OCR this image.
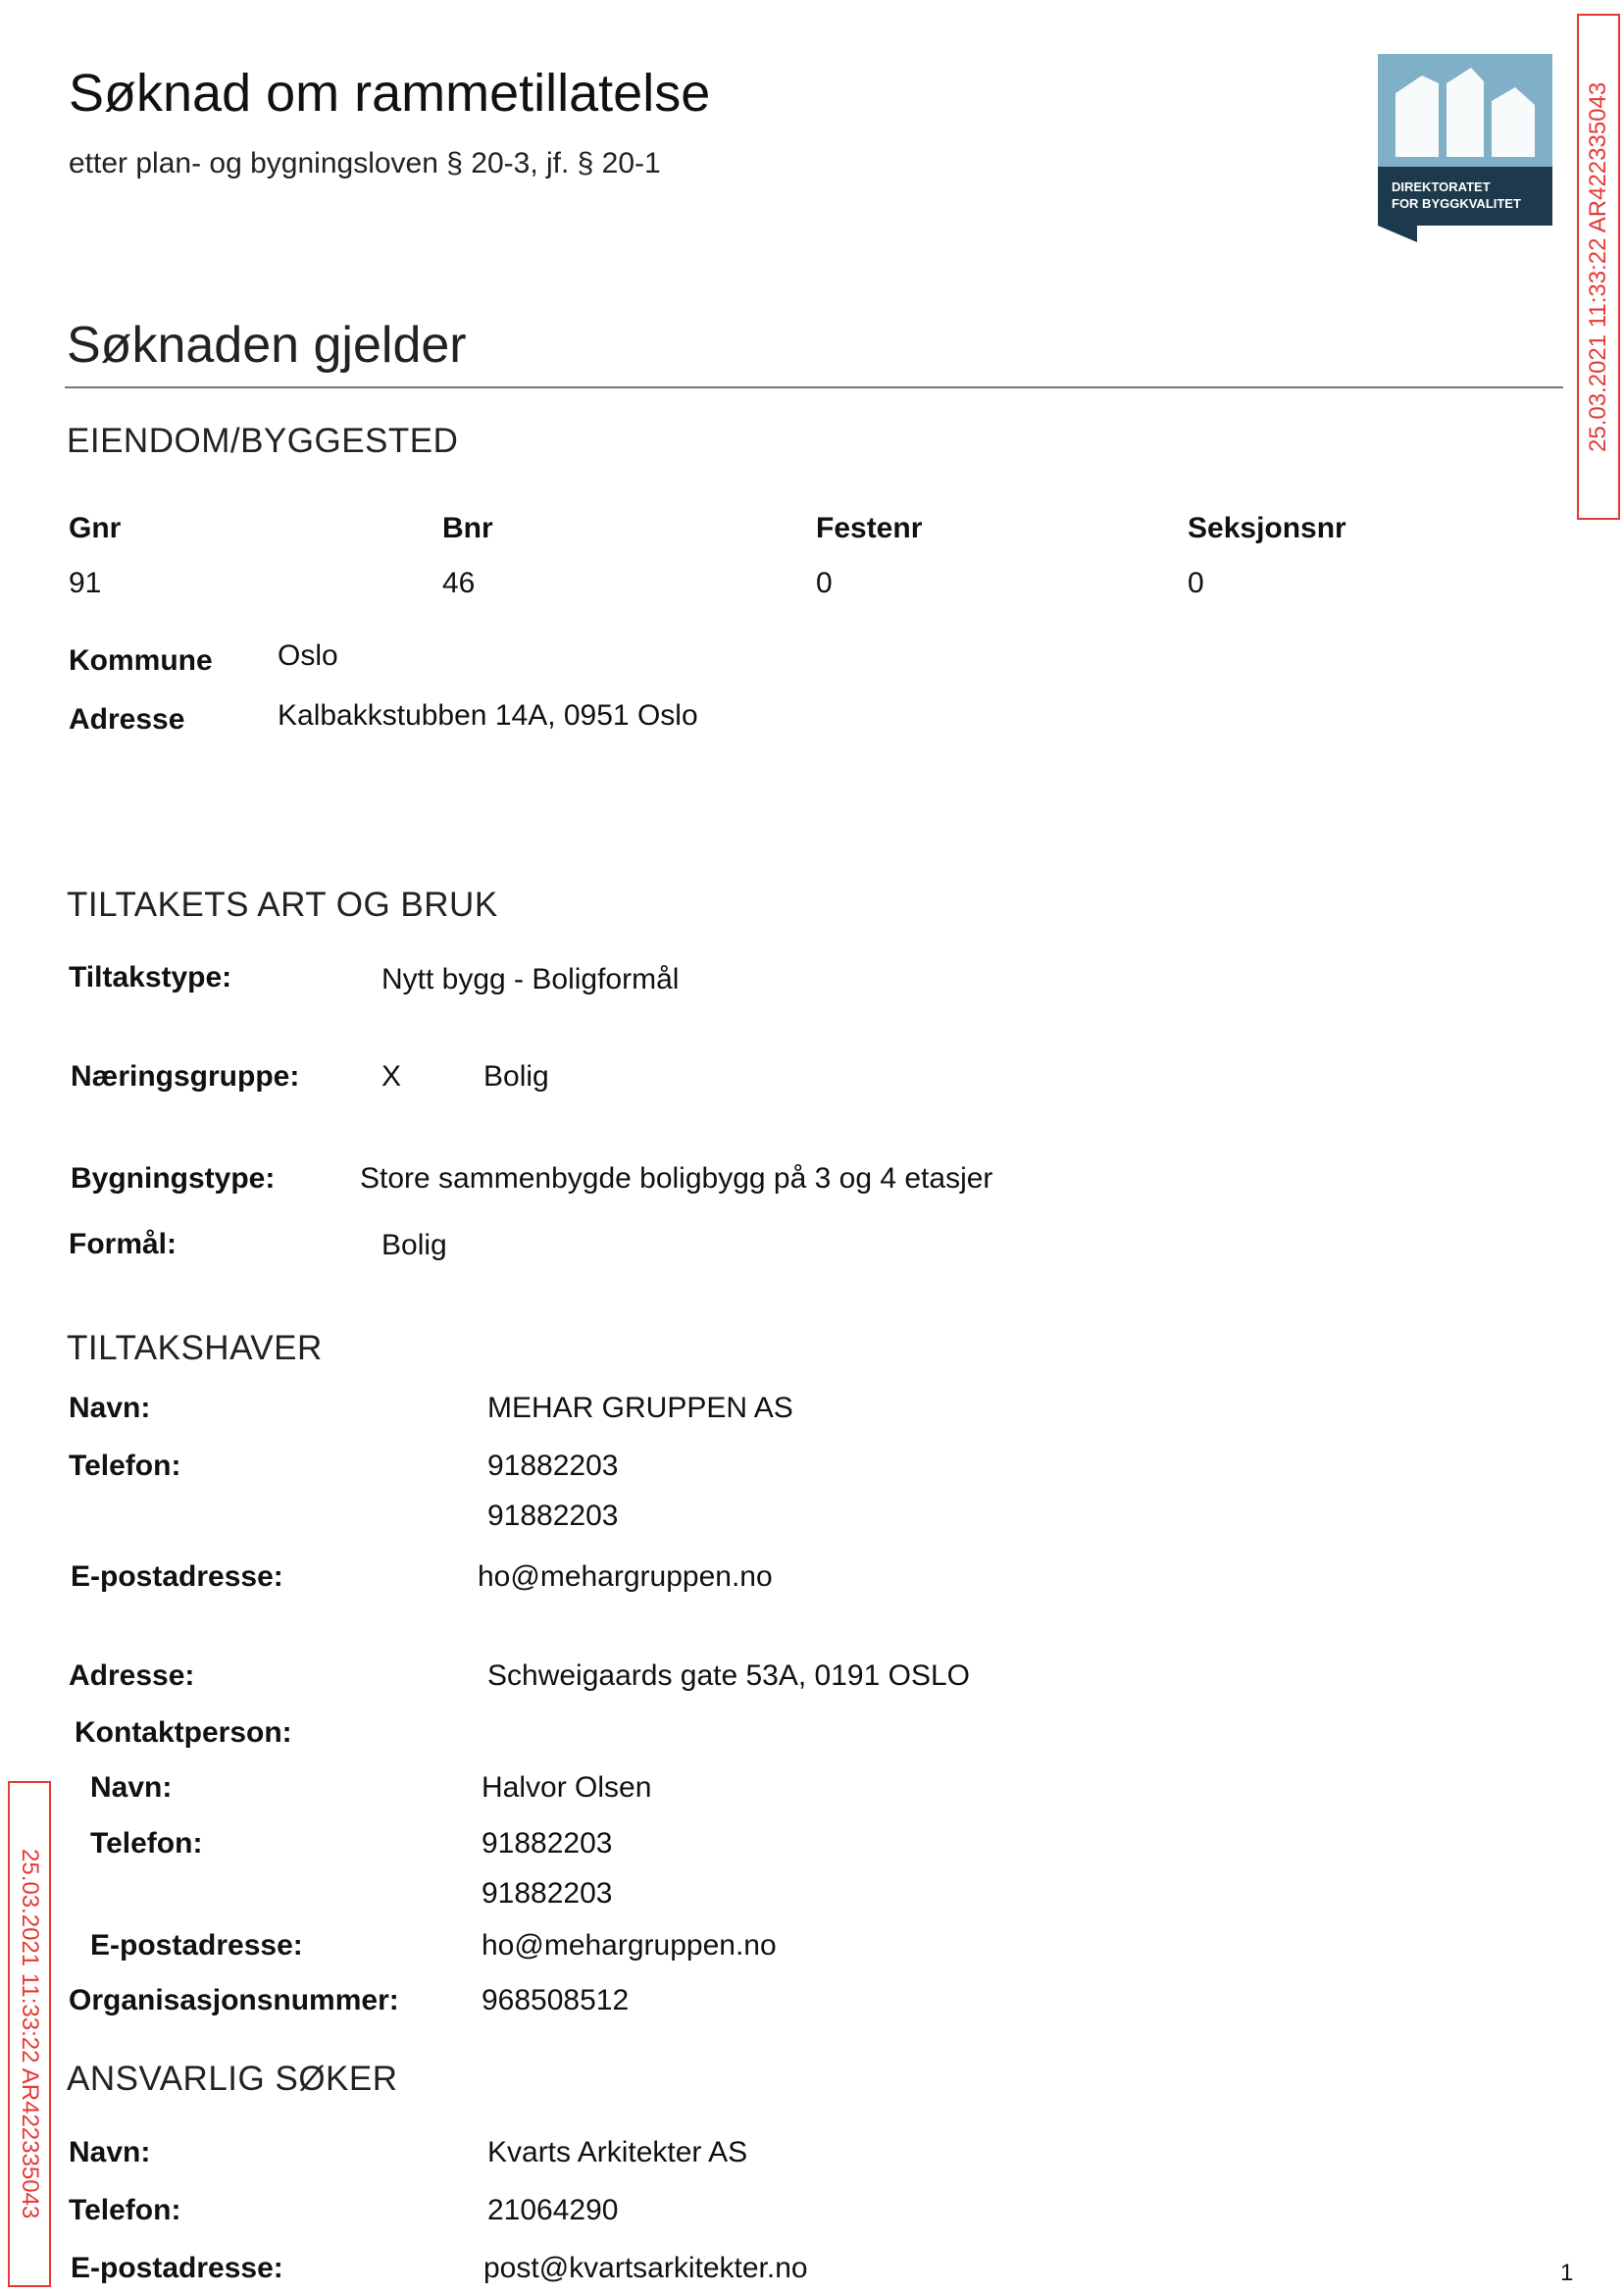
Søknad om rammetillatelse
etter plan- og bygningsloven § 20-3, jf. § 20-1
DIREKTORATET
FOR BYGGKVALITET	25.03.2021 11:33:22 AR422335043
25.03.2021 11:33:22 AR422335043
Søknaden gjelder
EIENDOM/BYGGESTED
Gnr	Bnr	Festenr	Seksjonsnr
91	46	0	0
Kommune Oslo
Adresse	Kalbakkstubben 14A, 0951 Oslo
TILTAKETS ART OG BRUK
Tiltakstype:	Nytt bygg - Boligformål
Næringsgruppe:	X	Bolig
Bygningstype:	Store sammenbygde boligbygg på 3 og 4 etasjer
Formål:	Bolig
TILTAKSHAVER
Navn:	MEHAR GRUPPEN AS
Telefon:	91882203
91882203
E-postadresse:	ho@mehargruppen.no
Adresse:	Schweigaards gate 53A, 0191 OSLO
Kontaktperson:
Navn:	Halvor Olsen
Telefon:	91882203
91882203
E-postadresse:	ho@mehargruppen.no
Organisasjonsnummer:	968508512
ANSVARLIG SØKER
Navn:	Kvarts Arkitekter AS
Telefon:	21064290
E-postadresse:	post@kvartsarkitekter.no	1
